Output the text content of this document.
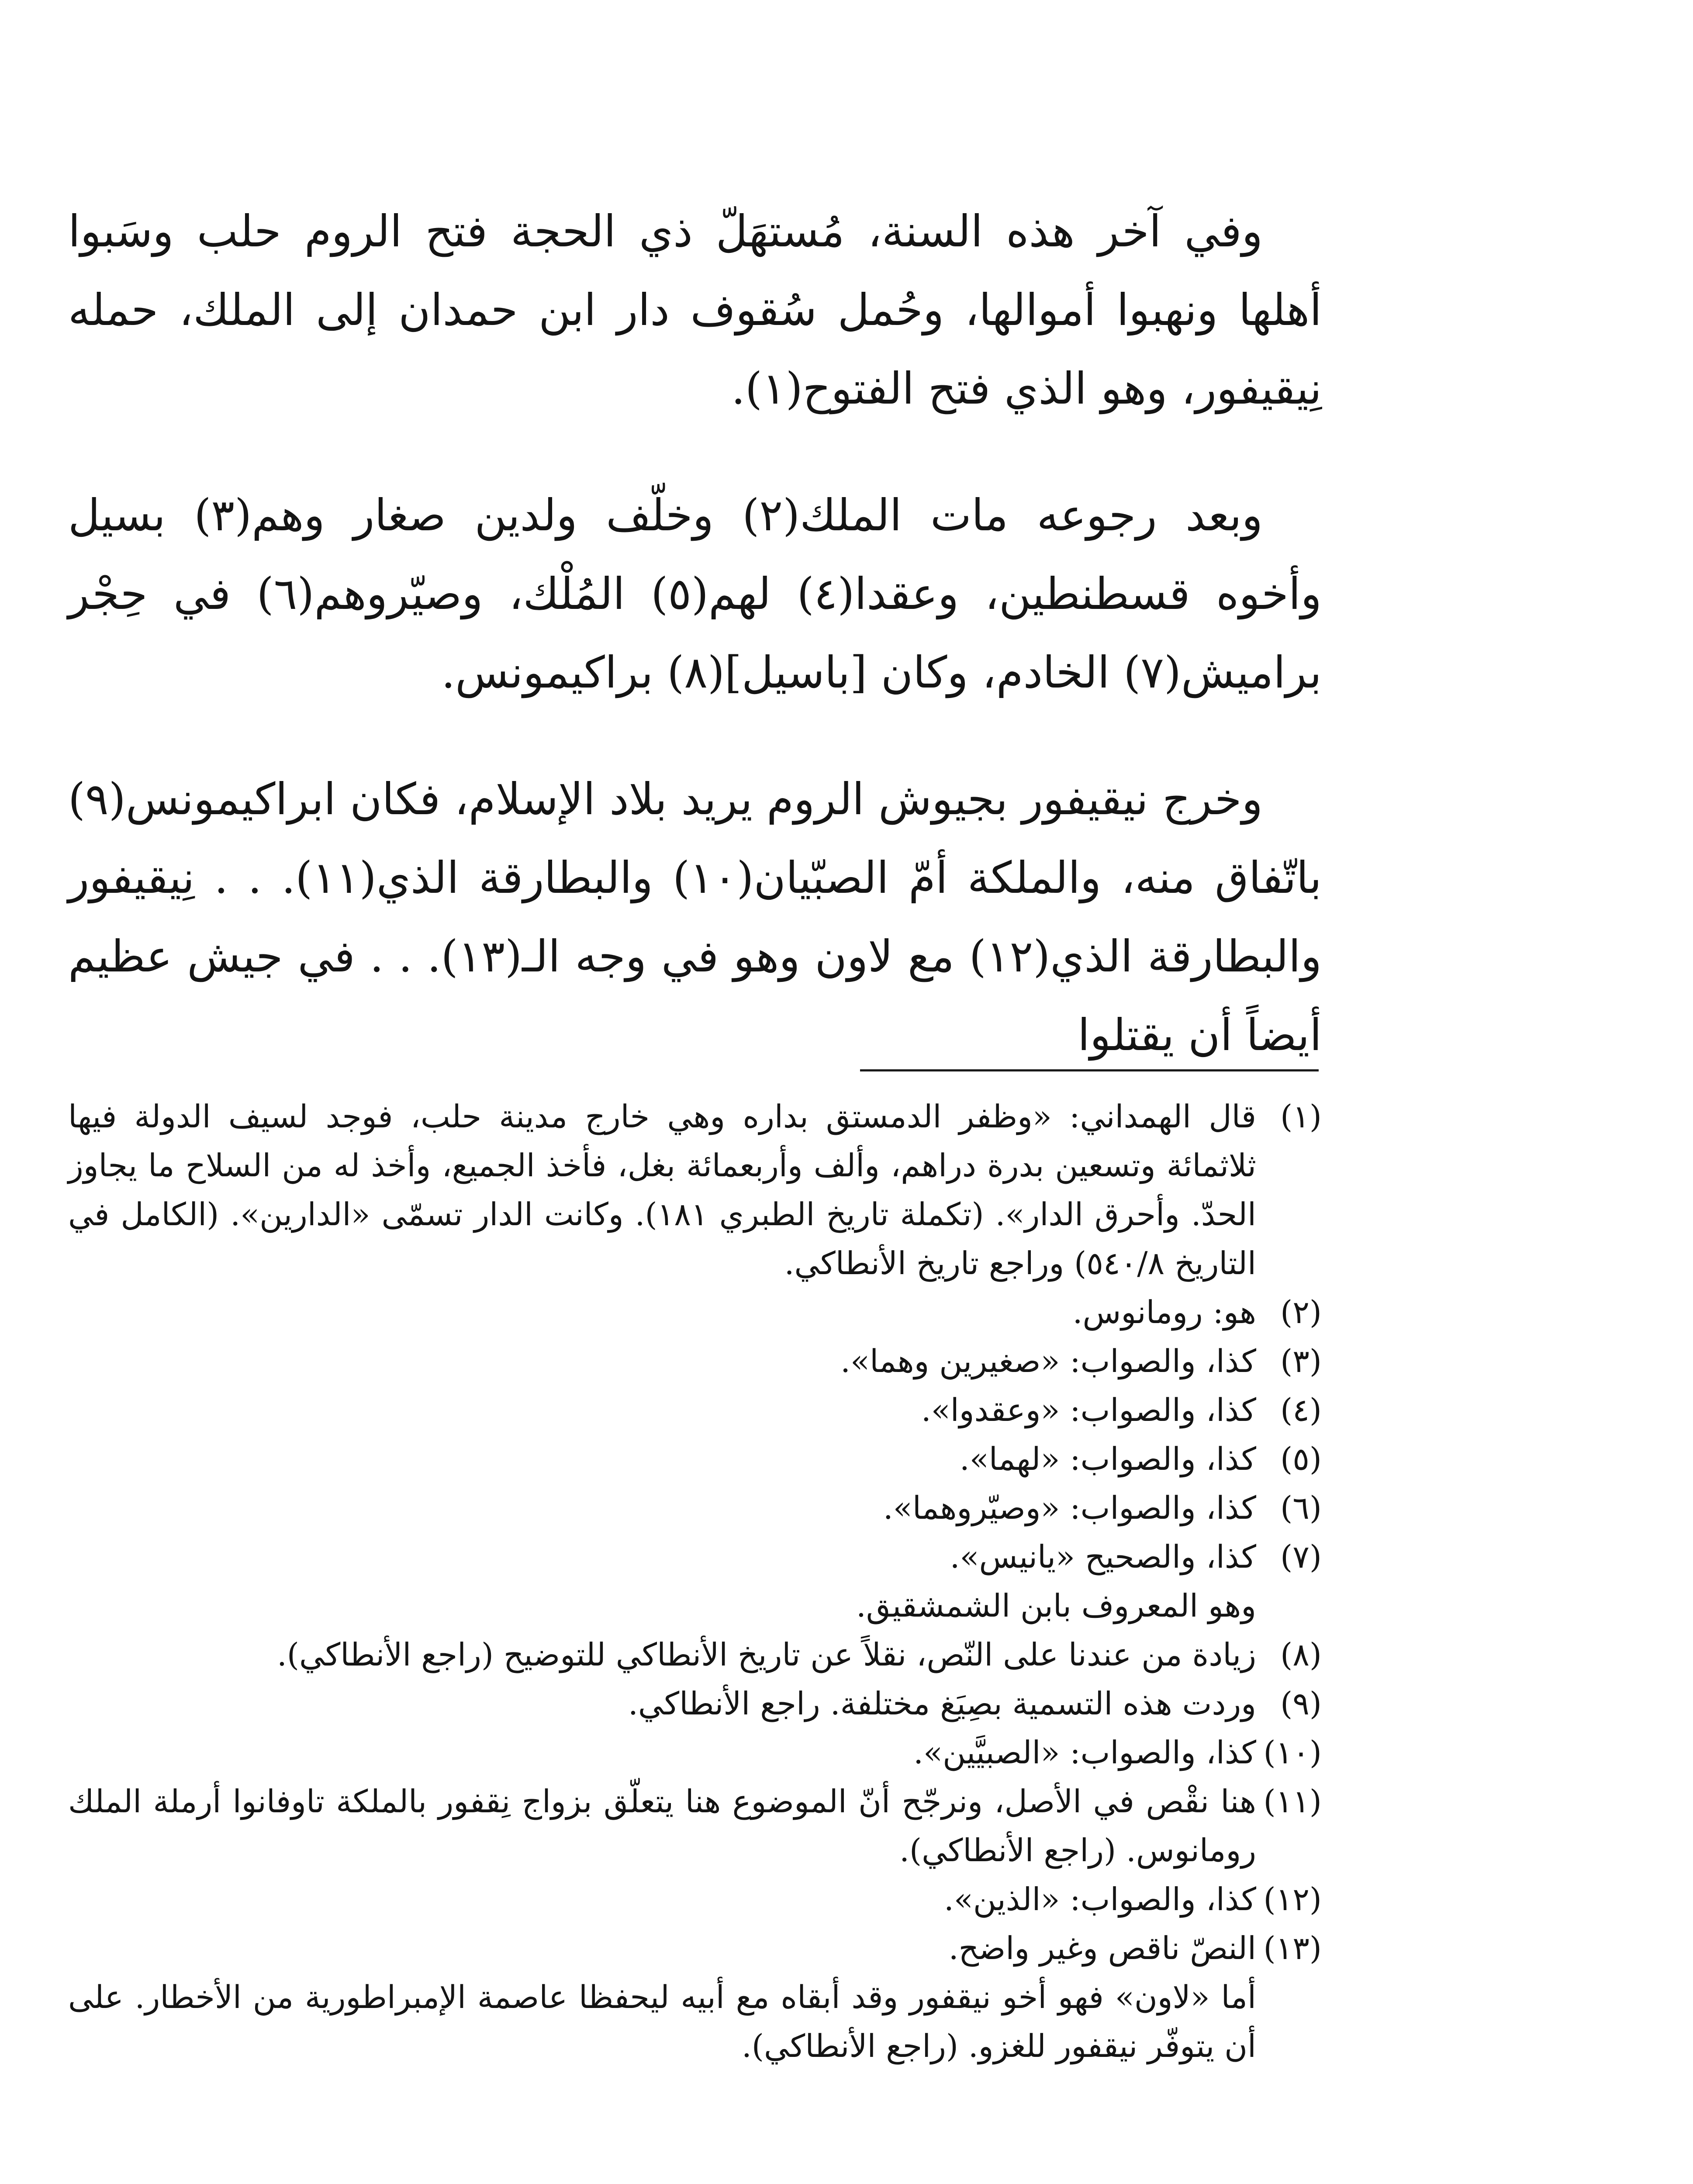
وفي آخر هذه السنة، مُستهَلّ ذي الحجة فتح الروم حلب وسَبوا أهلها ونهبوا أموالها، وحُمل سُقوف دار ابن حمدان إلى الملك، حمله نِيقيفور، وهو الذي فتح الفتوح(١).

وبعد رجوعه مات الملك(٢) وخلّف ولدين صغار وهم(٣) بسيل وأخوه قسطنطين، وعقدا(٤) لهم(٥) المُلْك، وصيّروهم(٦) في حِجْر براميش(٧) الخادم، وكان [باسيل](٨) براكيمونس.

وخرج نيقيفور بجيوش الروم يريد بلاد الإسلام، فكان ابراكيمونس(٩) باتّفاق منه، والملكة أمّ الصبّيان(١٠) والبطارقة الذي(١١). . . نِيقيفور والبطارقة الذي(١٢) مع لاون وهو في وجه الـ(١٣). . . في جيش عظيم أيضاً أن يقتلوا

(١)
قال الهمداني: «وظفر الدمستق بداره وهي خارج مدينة حلب، فوجد لسيف الدولة فيها ثلاثمائة وتسعين بدرة دراهم، وألف وأربعمائة بغل، فأخذ الجميع، وأخذ له من السلاح ما يجاوز الحدّ. وأحرق الدار». (تكملة تاريخ الطبري ١٨١). وكانت الدار تسمّى «الدارين». (الكامل في التاريخ ٥٤٠/٨) وراجع تاريخ الأنطاكي.
(٢)
هو: رومانوس.
(٣)
كذا، والصواب: «صغيرين وهما».
(٤)
كذا، والصواب: «وعقدوا».
(٥)
كذا، والصواب: «لهما».
(٦)
كذا، والصواب: «وصيّروهما».
(٧)
كذا، والصحيح «يانيس».
وهو المعروف بابن الشمشقيق.
(٨)
زيادة من عندنا على النّص، نقلاً عن تاريخ الأنطاكي للتوضيح (راجع الأنطاكي).
(٩)
وردت هذه التسمية بصِيَغ مختلفة. راجع الأنطاكي.
(١٠)
كذا، والصواب: «الصبيَّين».
(١١)
هنا نقْص في الأصل، ونرجّح أنّ الموضوع هنا يتعلّق بزواج نِقفور بالملكة تاوفانوا أرملة الملك رومانوس. (راجع الأنطاكي).
(١٢)
كذا، والصواب: «الذين».
(١٣)
النصّ ناقص وغير واضح.
أما «لاون» فهو أخو نيقفور وقد أبقاه مع أبيه ليحفظا عاصمة الإمبراطورية من الأخطار. على أن يتوفّر نيقفور للغزو. (راجع الأنطاكي).
